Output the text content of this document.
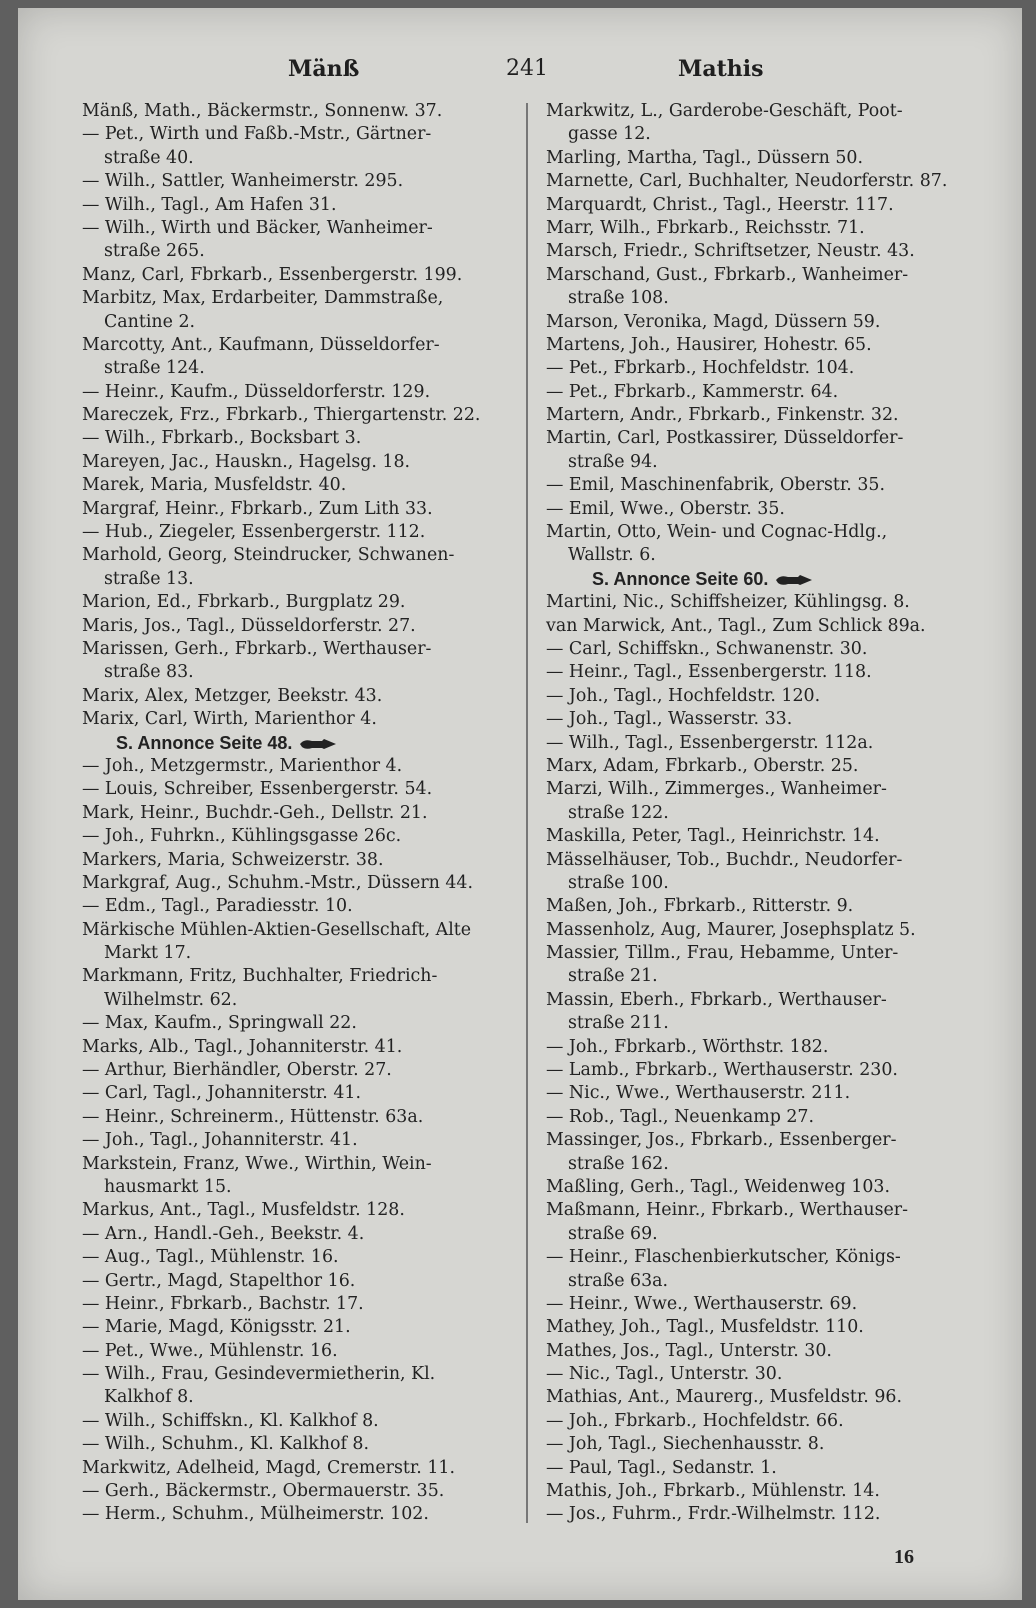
Mänß	241	Mathis
Mänß, Math., Bäckermstr., Sonnenw. 37.
— Pet., Wirth und Faßb.-Mstr., Gärtner-
straße 40.
— Wilh., Sattler, Wanheimerstr. 295.
— Wilh., Tagl., Am Hafen 31.
— Wilh., Wirth und Bäcker, Wanheimer-
straße 265.
Manz, Carl, Fbrkarb., Essenbergerstr. 199.
Marbitz, Max, Erdarbeiter, Dammstraße,
Cantine 2.
Marcotty, Ant., Kaufmann, Düsseldorfer-
straße 124.
— Heinr., Kaufm., Düsseldorferstr. 129.
Mareczek, Frz., Fbrkarb., Thiergartenstr. 22.
— Wilh., Fbrkarb., Bocksbart 3.
Mareyen, Jac., Hauskn., Hagelsg. 18.
Marek, Maria, Musfeldstr. 40.
Margraf, Heinr., Fbrkarb., Zum Lith 33.
— Hub., Ziegeler, Essenbergerstr. 112.
Marhold, Georg, Steindrucker, Schwanen-
straße 13.
Marion, Ed., Fbrkarb., Burgplatz 29.
Maris, Jos., Tagl., Düsseldorferstr. 27.
Marissen, Gerh., Fbrkarb., Werthauser-
straße 83.
Marix, Alex, Metzger, Beekstr. 43.
Marix, Carl, Wirth, Marienthor 4.
S. Annonce Seite 48.
— Joh., Metzgermstr., Marienthor 4.
— Louis, Schreiber, Essenbergerstr. 54.
Mark, Heinr., Buchdr.-Geh., Dellstr. 21.
— Joh., Fuhrkn., Kühlingsgasse 26c.
Markers, Maria, Schweizerstr. 38.
Markgraf, Aug., Schuhm.-Mstr., Düssern 44.
— Edm., Tagl., Paradiesstr. 10.
Märkische Mühlen-Aktien-Gesellschaft, Alte
Markt 17.
Markmann, Fritz, Buchhalter, Friedrich-
Wilhelmstr. 62.
— Max, Kaufm., Springwall 22.
Marks, Alb., Tagl., Johanniterstr. 41.
— Arthur, Bierhändler, Oberstr. 27.
— Carl, Tagl., Johanniterstr. 41.
— Heinr., Schreinerm., Hüttenstr. 63a.
— Joh., Tagl., Johanniterstr. 41.
Markstein, Franz, Wwe., Wirthin, Wein-
hausmarkt 15.
Markus, Ant., Tagl., Musfeldstr. 128.
— Arn., Handl.-Geh., Beekstr. 4.
— Aug., Tagl., Mühlenstr. 16.
— Gertr., Magd, Stapelthor 16.
— Heinr., Fbrkarb., Bachstr. 17.
— Marie, Magd, Königsstr. 21.
— Pet., Wwe., Mühlenstr. 16.
— Wilh., Frau, Gesindevermietherin, Kl.
Kalkhof 8.
— Wilh., Schiffskn., Kl. Kalkhof 8.
— Wilh., Schuhm., Kl. Kalkhof 8.
Markwitz, Adelheid, Magd, Cremerstr. 11.
— Gerh., Bäckermstr., Obermauerstr. 35.
— Herm., Schuhm., Mülheimerstr. 102.
Markwitz, L., Garderobe-Geschäft, Poot-
gasse 12.
Marling, Martha, Tagl., Düssern 50.
Marnette, Carl, Buchhalter, Neudorferstr. 87.
Marquardt, Christ., Tagl., Heerstr. 117.
Marr, Wilh., Fbrkarb., Reichsstr. 71.
Marsch, Friedr., Schriftsetzer, Neustr. 43.
Marschand, Gust., Fbrkarb., Wanheimer-
straße 108.
Marson, Veronika, Magd, Düssern 59.
Martens, Joh., Hausirer, Hohestr. 65.
— Pet., Fbrkarb., Hochfeldstr. 104.
— Pet., Fbrkarb., Kammerstr. 64.
Martern, Andr., Fbrkarb., Finkenstr. 32.
Martin, Carl, Postkassirer, Düsseldorfer-
straße 94.
— Emil, Maschinenfabrik, Oberstr. 35.
— Emil, Wwe., Oberstr. 35.
Martin, Otto, Wein- und Cognac-Hdlg.,
Wallstr. 6.
S. Annonce Seite 60.
Martini, Nic., Schiffsheizer, Kühlingsg. 8.
van Marwick, Ant., Tagl., Zum Schlick 89a.
— Carl, Schiffskn., Schwanenstr. 30.
— Heinr., Tagl., Essenbergerstr. 118.
— Joh., Tagl., Hochfeldstr. 120.
— Joh., Tagl., Wasserstr. 33.
— Wilh., Tagl., Essenbergerstr. 112a.
Marx, Adam, Fbrkarb., Oberstr. 25.
Marzi, Wilh., Zimmerges., Wanheimer-
straße 122.
Maskilla, Peter, Tagl., Heinrichstr. 14.
Mässelhäuser, Tob., Buchdr., Neudorfer-
straße 100.
Maßen, Joh., Fbrkarb., Ritterstr. 9.
Massenholz, Aug, Maurer, Josephsplatz 5.
Massier, Tillm., Frau, Hebamme, Unter-
straße 21.
Massin, Eberh., Fbrkarb., Werthauser-
straße 211.
— Joh., Fbrkarb., Wörthstr. 182.
— Lamb., Fbrkarb., Werthauserstr. 230.
— Nic., Wwe., Werthauserstr. 211.
— Rob., Tagl., Neuenkamp 27.
Massinger, Jos., Fbrkarb., Essenberger-
straße 162.
Maßling, Gerh., Tagl., Weidenweg 103.
Maßmann, Heinr., Fbrkarb., Werthauser-
straße 69.
— Heinr., Flaschenbierkutscher, Königs-
straße 63a.
— Heinr., Wwe., Werthauserstr. 69.
Mathey, Joh., Tagl., Musfeldstr. 110.
Mathes, Jos., Tagl., Unterstr. 30.
— Nic., Tagl., Unterstr. 30.
Mathias, Ant., Maurerg., Musfeldstr. 96.
— Joh., Fbrkarb., Hochfeldstr. 66.
— Joh, Tagl., Siechenhausstr. 8.
— Paul, Tagl., Sedanstr. 1.
Mathis, Joh., Fbrkarb., Mühlenstr. 14.
— Jos., Fuhrm., Frdr.-Wilhelmstr. 112.
16
